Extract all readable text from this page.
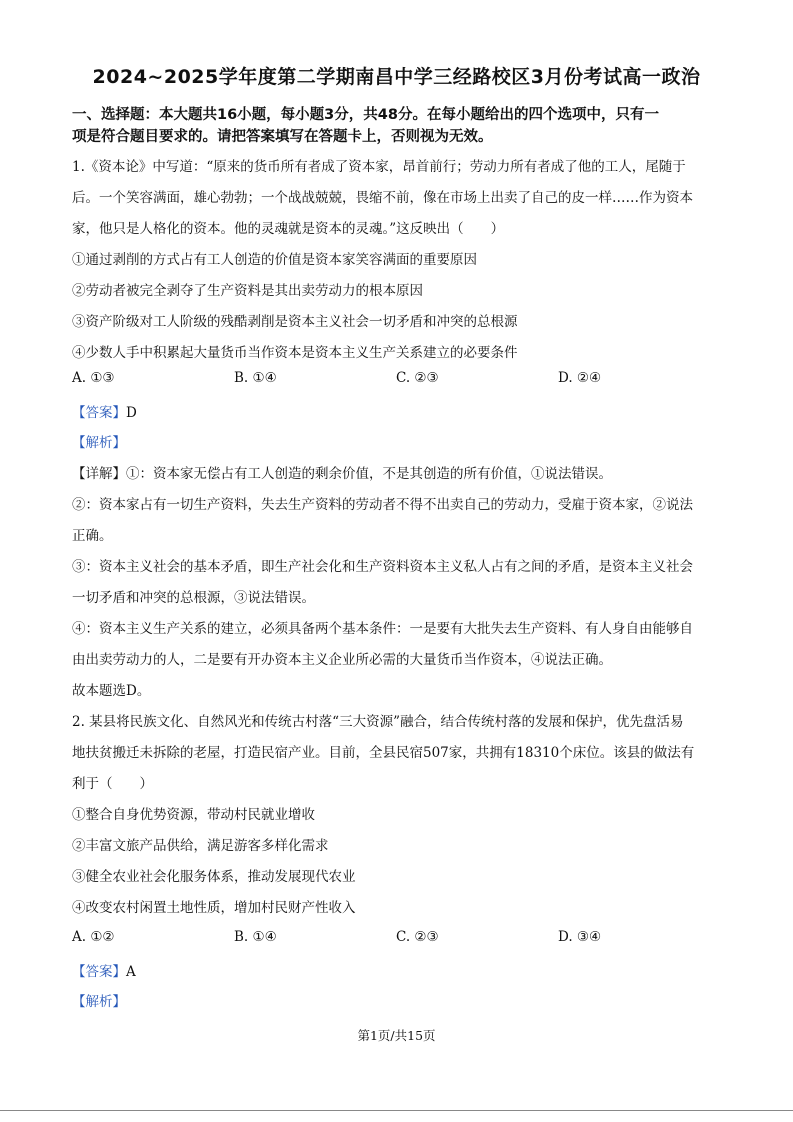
2024~2025学年度第二学期南昌中学三经路校区3月份考试高一政治
一、选择题：本大题共16小题，每小题3分，共48分。在每小题给出的四个选项中，只有一
项是符合题目要求的。请把答案填写在答题卡上，否则视为无效。
1.《资本论》中写道：“原来的货币所有者成了资本家，昂首前行；劳动力所有者成了他的工人，尾随于
后。一个笑容满面，雄心勃勃；一个战战兢兢，畏缩不前，像在市场上出卖了自己的皮一样……作为资本
家，他只是人格化的资本。他的灵魂就是资本的灵魂。”这反映出（　　）
①通过剥削的方式占有工人创造的价值是资本家笑容满面的重要原因
②劳动者被完全剥夺了生产资料是其出卖劳动力的根本原因
③资产阶级对工人阶级的残酷剥削是资本主义社会一切矛盾和冲突的总根源
④少数人手中积累起大量货币当作资本是资本主义生产关系建立的必要条件
A. ①③	B. ①④	C. ②③	D. ②④
【答案】D
【解析】
【详解】①：资本家无偿占有工人创造的剩余价值，不是其创造的所有价值，①说法错误。
②：资本家占有一切生产资料，失去生产资料的劳动者不得不出卖自己的劳动力，受雇于资本家，②说法
正确。
③：资本主义社会的基本矛盾，即生产社会化和生产资料资本主义私人占有之间的矛盾，是资本主义社会
一切矛盾和冲突的总根源，③说法错误。
④：资本主义生产关系的建立，必须具备两个基本条件：一是要有大批失去生产资料、有人身自由能够自
由出卖劳动力的人，二是要有开办资本主义企业所必需的大量货币当作资本，④说法正确。
故本题选D。
2. 某县将民族文化、自然风光和传统古村落“三大资源”融合，结合传统村落的发展和保护，优先盘活易
地扶贫搬迁未拆除的老屋，打造民宿产业。目前，全县民宿507家，共拥有18310个床位。该县的做法有
利于（　　）
①整合自身优势资源，带动村民就业增收
②丰富文旅产品供给，满足游客多样化需求
③健全农业社会化服务体系，推动发展现代农业
④改变农村闲置土地性质，增加村民财产性收入
A. ①②	B. ①④	C. ②③	D. ③④
【答案】A
【解析】
第1页/共15页
